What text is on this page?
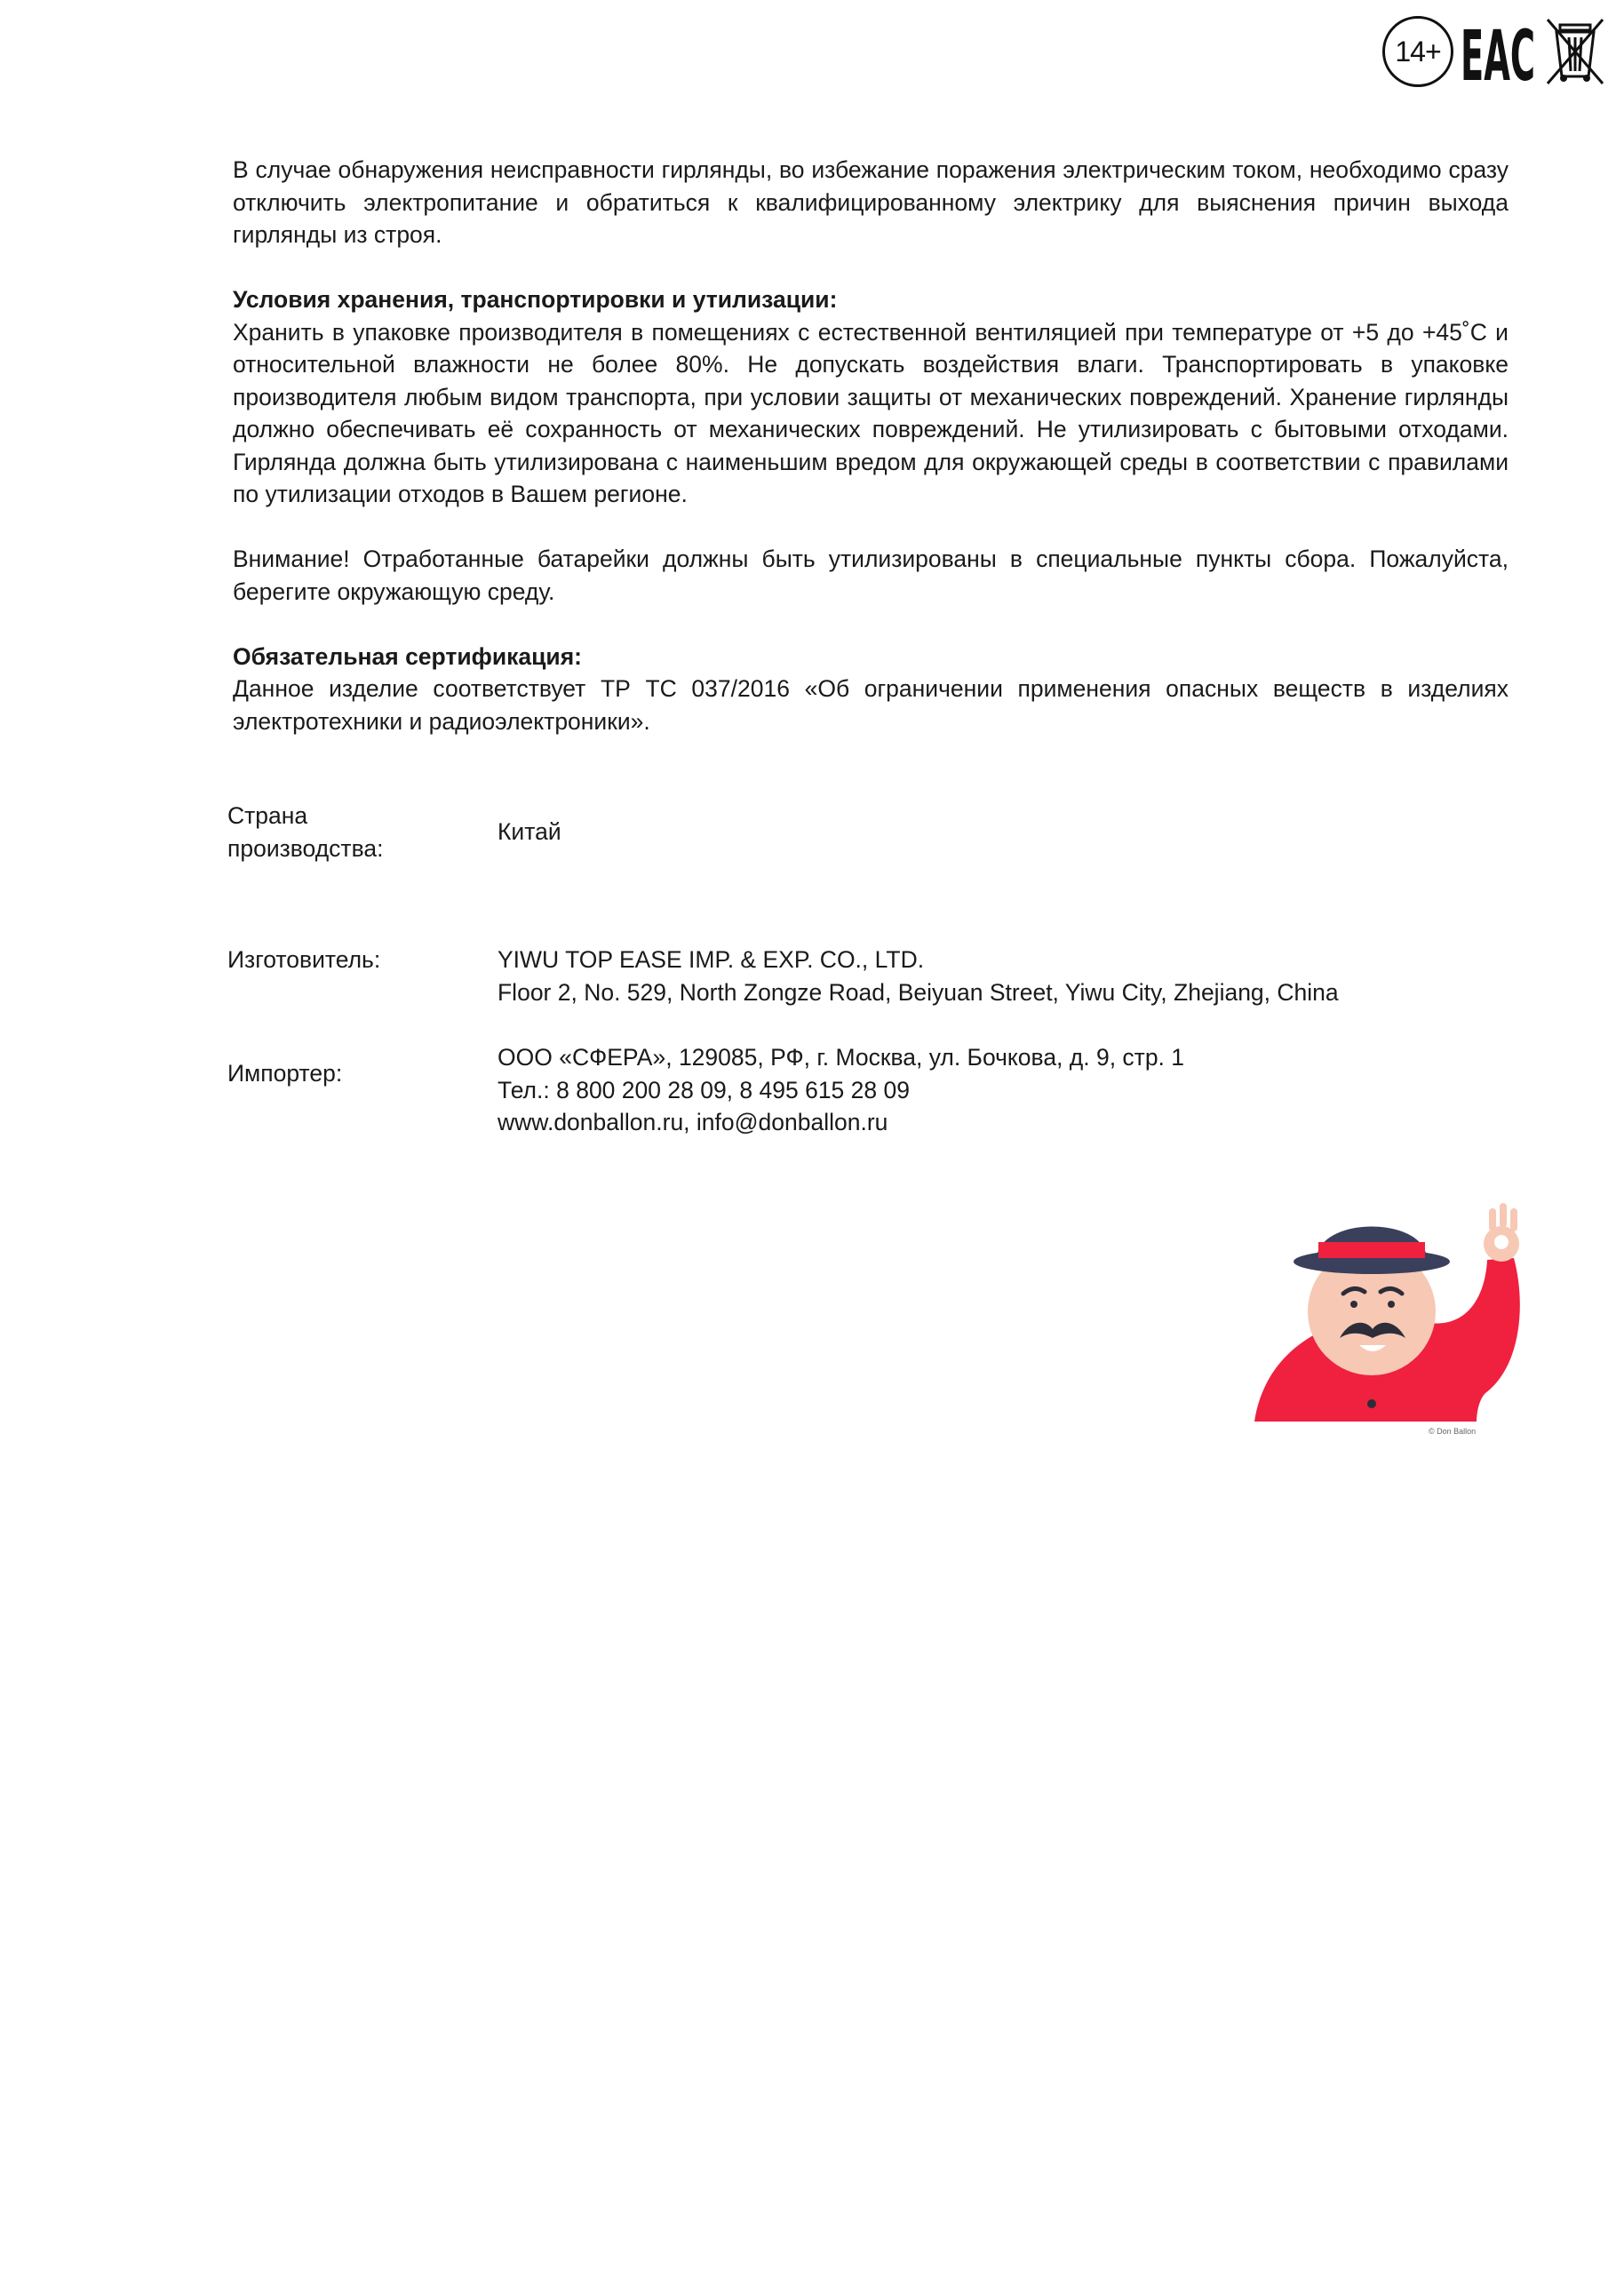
14+ EAC

В случае обнаружения неисправности гирлянды, во избежание поражения электрическим током, необходимо сразу отключить электропитание и обратиться к квалифицированному электрику для выяснения причин выхода гирлянды из строя.

Условия хранения, транспортировки и утилизации:
Хранить в упаковке производителя в помещениях с естественной вентиляцией при температуре от +5 до +45˚С и относительной влажности не более 80%. Не допускать воздействия влаги. Транспортировать в упаковке производителя любым видом транспорта, при условии защиты от механических повреждений. Хранение гирлянды должно обеспечивать её сохранность от механических повреждений. Не утилизировать с бытовыми отходами. Гирлянда должна быть утилизирована с наименьшим вредом для окружающей среды в соответствии с правилами по утилизации отходов в Вашем регионе.

Внимание! Отработанные батарейки должны быть утилизированы в специальные пункты сбора. Пожалуйста, берегите окружающую среду.

Обязательная сертификация:
Данное изделие соответствует ТР ТС 037/2016 «Об ограничении применения опасных веществ в изделиях электротехники и радиоэлектроники».

Страна
производства:
Китай
Изготовитель:	YIWU TOP EASE IMP. & EXP. CO., LTD.
Floor 2, No. 529, North Zongze Road, Beiyuan Street, Yiwu City, Zhejiang, China
Импортер:
ООО «СФЕРА», 129085, РФ, г. Москва, ул. Бочкова, д. 9, стр. 1
Тел.: 8 800 200 28 09, 8 495 615 28 09
www.donballon.ru, info@donballon.ru
© Don Ballon
